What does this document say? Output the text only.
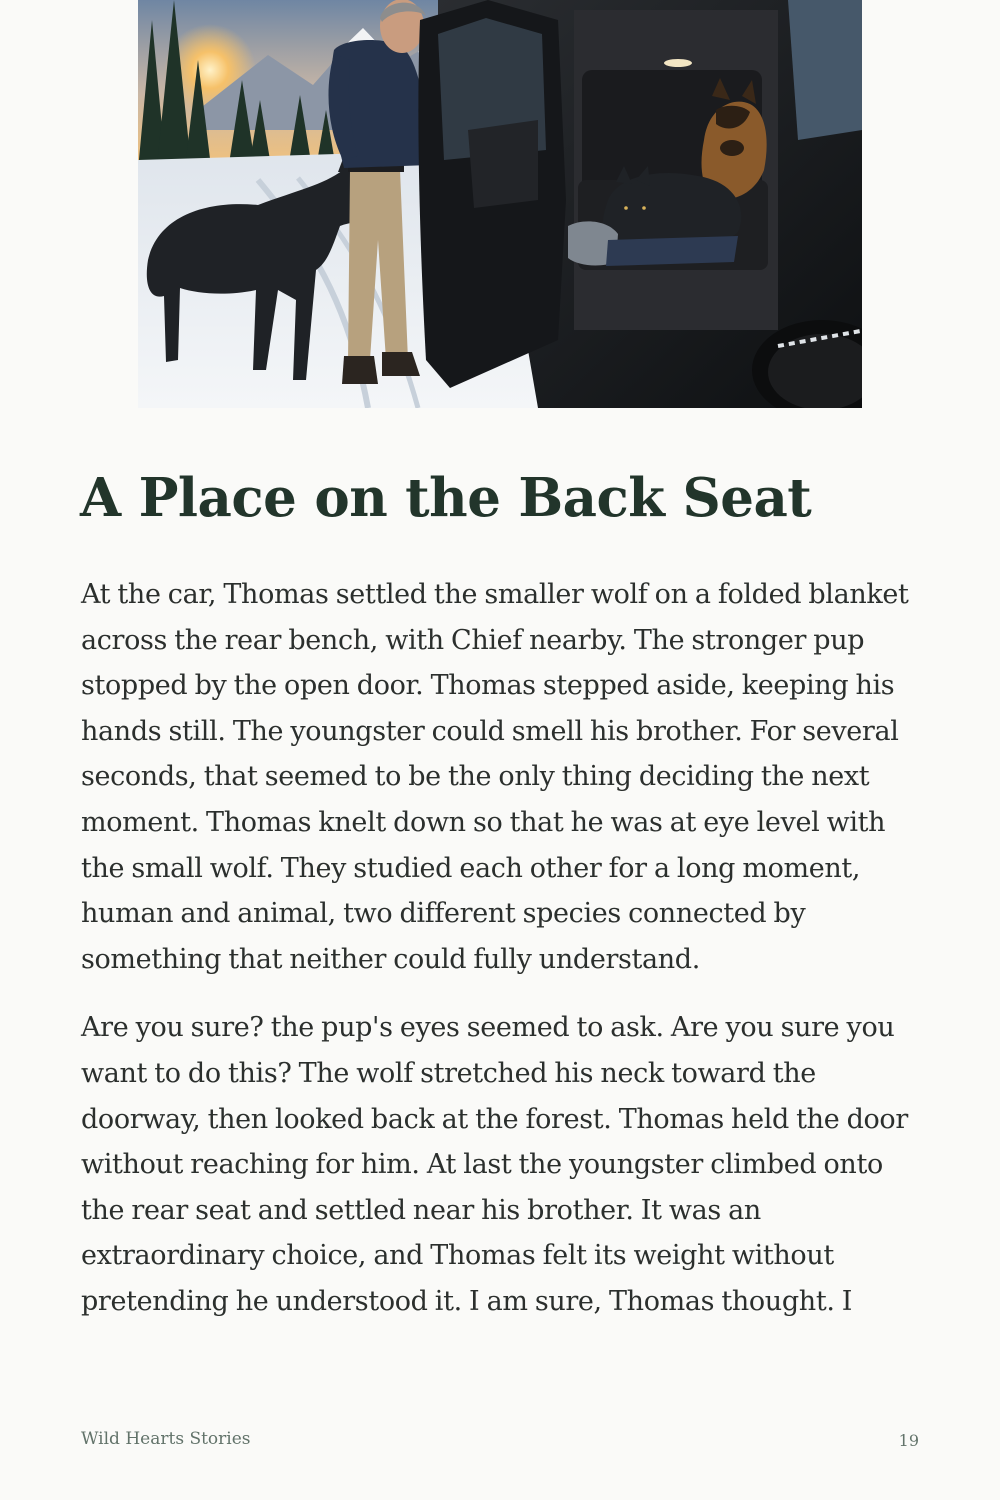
A Place on the Back Seat

At the car, Thomas settled the smaller wolf on a folded blanket across the rear bench, with Chief nearby. The stronger pup stopped by the open door. Thomas stepped aside, keeping his hands still. The youngster could smell his brother. For several seconds, that seemed to be the only thing deciding the next moment. Thomas knelt down so that he was at eye level with the small wolf. They studied each other for a long moment, human and animal, two different species connected by something that neither could fully understand.

Are you sure? the pup's eyes seemed to ask. Are you sure you want to do this? The wolf stretched his neck toward the doorway, then looked back at the forest. Thomas held the door without reaching for him. At last the youngster climbed onto the rear seat and settled near his brother. It was an extraordinary choice, and Thomas felt its weight without pretending he understood it. I am sure, Thomas thought. I

Wild Hearts Stories	19
